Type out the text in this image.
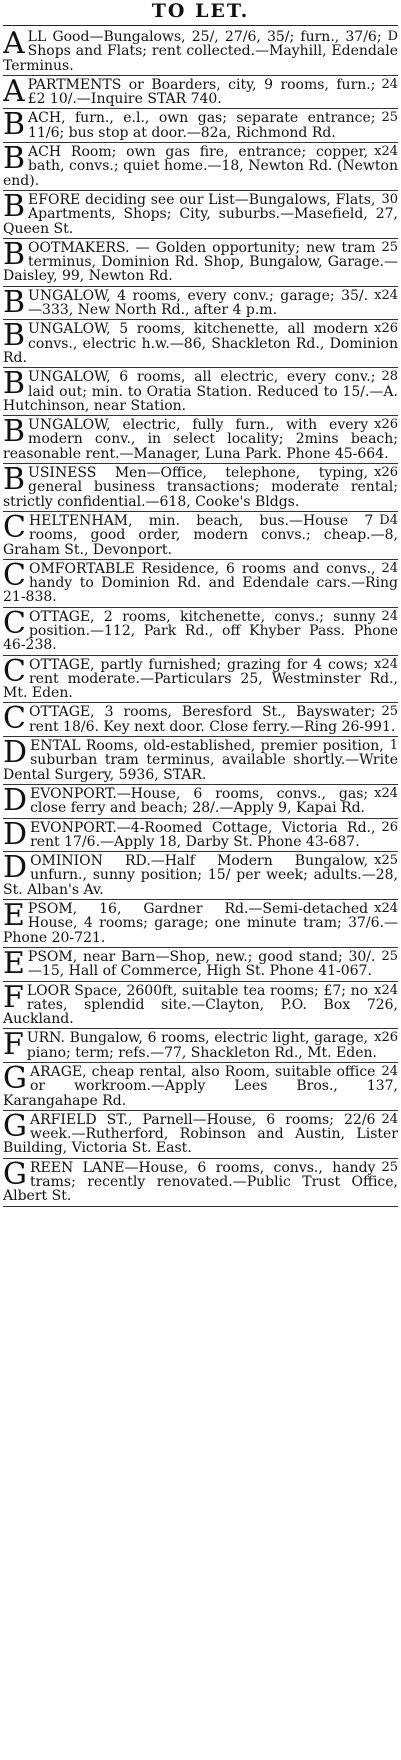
TO LET.
A	D
LL Good—Bungalows, 25/, 27/6, 35/; furn., 37/6; Shops and Flats; rent collected.—Mayhill, Edendale Terminus.
A	24
PARTMENTS or Boarders, city, 9 rooms, furn.; £2 10/.—Inquire STAR 740.
B	25
ACH, furn., e.l., own gas; separate entrance; 11/6; bus stop at door.—82a, Richmond Rd.
B	x24
ACH Room; own gas fire, entrance; copper, bath, convs.; quiet home.—18, Newton Rd. (Newton end).
B	30
EFORE deciding see our List—Bungalows, Flats, Apartments, Shops; City, suburbs.—Masefield, 27, Queen St.
B	25
OOTMAKERS. — Golden opportunity; new tram terminus, Dominion Rd. Shop, Bungalow, Garage.—Daisley, 99, Newton Rd.
B	x24
UNGALOW, 4 rooms, every conv.; garage; 35/.—333, New North Rd., after 4 p.m.
B	x26
UNGALOW, 5 rooms, kitchenette, all modern convs., electric h.w.—86, Shackleton Rd., Dominion Rd.
B	28
UNGALOW, 6 rooms, all electric, every conv.; laid out; min. to Oratia Station. Reduced to 15/.—A. Hutchinson, near Station.
B	x26
UNGALOW, electric, fully furn., with every modern conv., in select locality; 2mins beach; reasonable rent.—Manager, Luna Park. Phone 45-664.
B	x26
USINESS Men—Office, telephone, typing, general business transactions; moderate rental; strictly confidential.—618, Cooke's Bldgs.
C	D4
HELTENHAM, min. beach, bus.—House 7 rooms, good order, modern convs.; cheap.—8, Graham St., Devonport.
C	24
OMFORTABLE Residence, 6 rooms and convs., handy to Dominion Rd. and Edendale cars.—Ring 21-838.
C	24
OTTAGE, 2 rooms, kitchenette, convs.; sunny position.—112, Park Rd., off Khyber Pass. Phone 46-238.
C	x24
OTTAGE, partly furnished; grazing for 4 cows; rent moderate.—Particulars 25, Westminster Rd., Mt. Eden.
C	25
OTTAGE, 3 rooms, Beresford St., Bayswater; rent 18/6. Key next door. Close ferry.—Ring 26-991.
D	1
ENTAL Rooms, old-established, premier position, suburban tram terminus, available shortly.—Write Dental Surgery, 5936, STAR.
D	x24
EVONPORT.—House, 6 rooms, convs., gas; close ferry and beach; 28/.—Apply 9, Kapai Rd.
D	26
EVONPORT.—4-Roomed Cottage, Victoria Rd., rent 17/6.—Apply 18, Darby St. Phone 43-687.
D	x25
OMINION RD.—Half Modern Bungalow, unfurn., sunny position; 15/ per week; adults.—28, St. Alban's Av.
E	x24
PSOM, 16, Gardner Rd.—Semi-detached House, 4 rooms; garage; one minute tram; 37/6.—Phone 20-721.
E	25
PSOM, near Barn—Shop, new.; good stand; 30/.—15, Hall of Commerce, High St. Phone 41-067.
F	x24
LOOR Space, 2600ft, suitable tea rooms; £7; no rates, splendid site.—Clayton, P.O. Box 726, Auckland.
F	x26
URN. Bungalow, 6 rooms, electric light, garage, piano; term; refs.—77, Shackleton Rd., Mt. Eden.
G	24
ARAGE, cheap rental, also Room, suitable office or workroom.—Apply Lees Bros., 137, Karangahape Rd.
G	24
ARFIELD ST., Parnell—House, 6 rooms; 22/6 week.—Rutherford, Robinson and Austin, Lister Building, Victoria St. East.
G	25
REEN LANE—House, 6 rooms, convs., handy trams; recently renovated.—Public Trust Office, Albert St.
